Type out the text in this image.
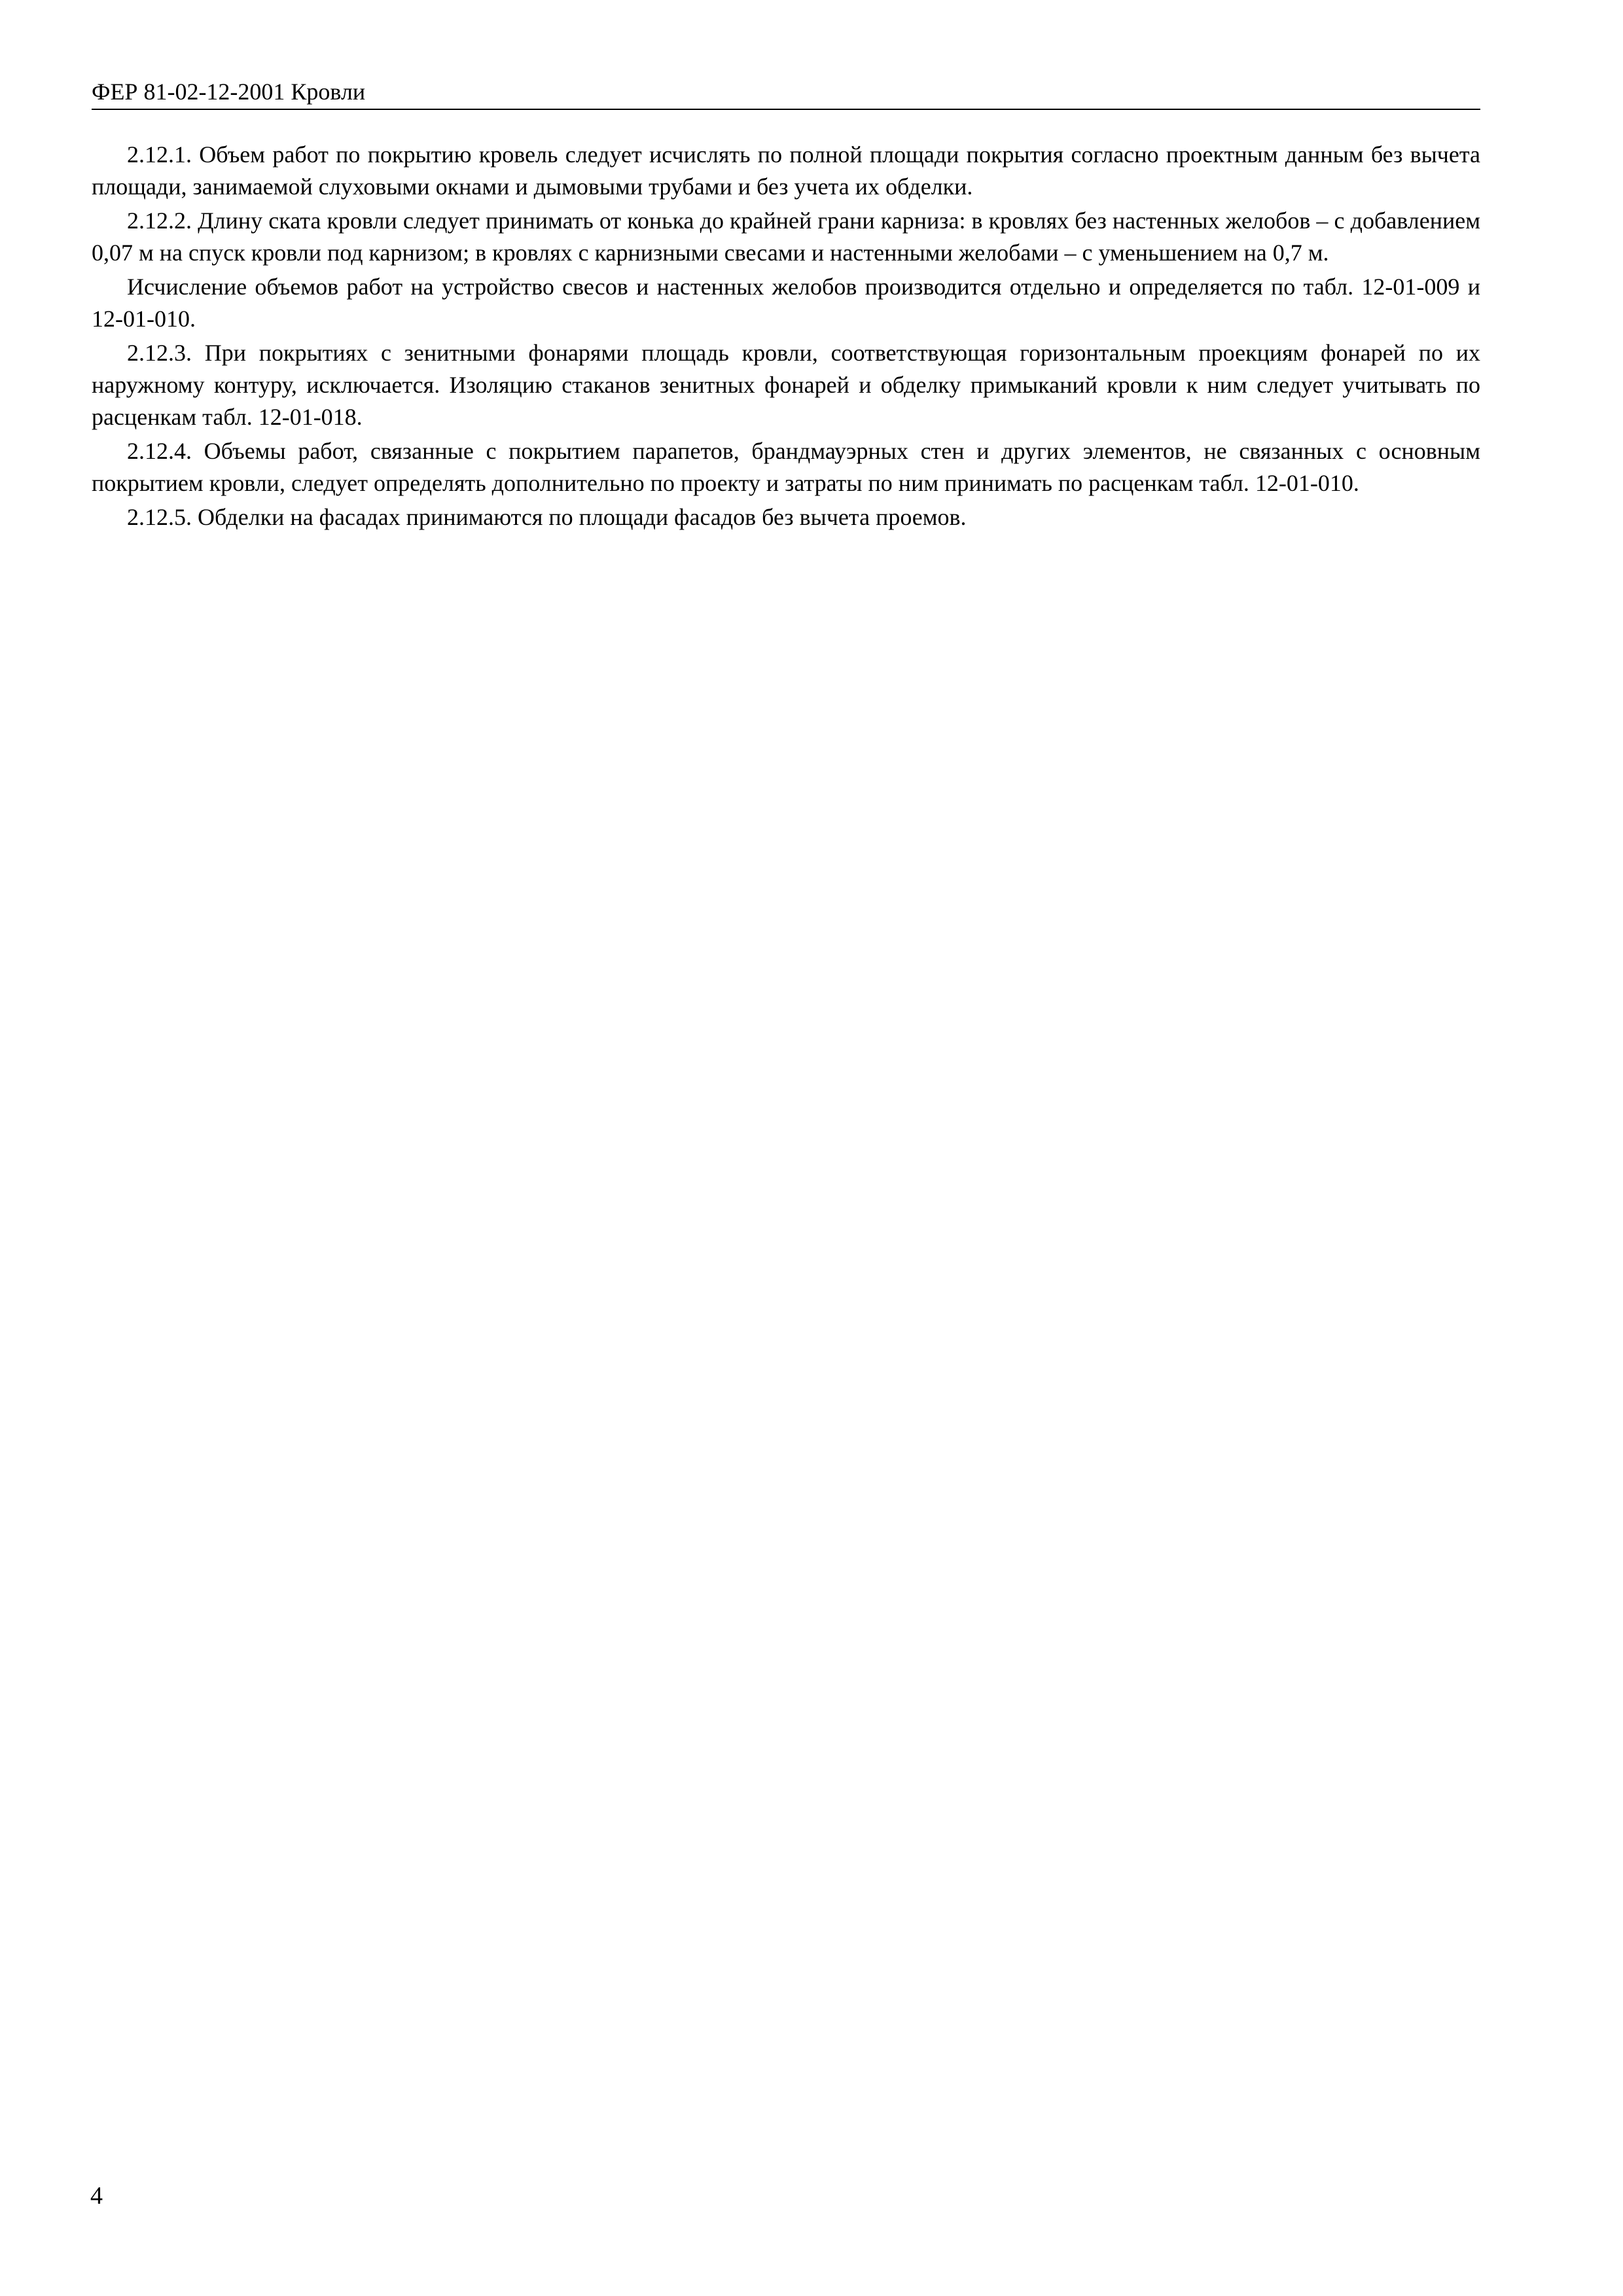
ФЕР 81-02-12-2001 Кровли

2.12.1. Объем работ по покрытию кровель следует исчислять по полной площади покрытия согласно проектным данным без вычета площади, занимаемой слуховыми окнами и дымовыми трубами и без учета их обделки.

2.12.2. Длину ската кровли следует принимать от конька до крайней грани карниза: в кровлях без настенных желобов – с добавлением 0,07 м на спуск кровли под карнизом; в кровлях с карнизными свесами и настенными желобами – с уменьшением на 0,7 м.

Исчисление объемов работ на устройство свесов и настенных желобов производится отдельно и определяется по табл. 12-01-009 и 12-01-010.

2.12.3. При покрытиях с зенитными фонарями площадь кровли, соответствующая горизонтальным проекциям фонарей по их наружному контуру, исключается. Изоляцию стаканов зенитных фонарей и обделку примыканий кровли к ним следует учитывать по расценкам табл. 12-01-018.

2.12.4. Объемы работ, связанные с покрытием парапетов, брандмауэрных стен и других элементов, не связанных с основным покрытием кровли, следует определять дополнительно по проекту и затраты по ним принимать по расценкам табл. 12-01-010.

2.12.5. Обделки на фасадах принимаются по площади фасадов без вычета проемов.

4
